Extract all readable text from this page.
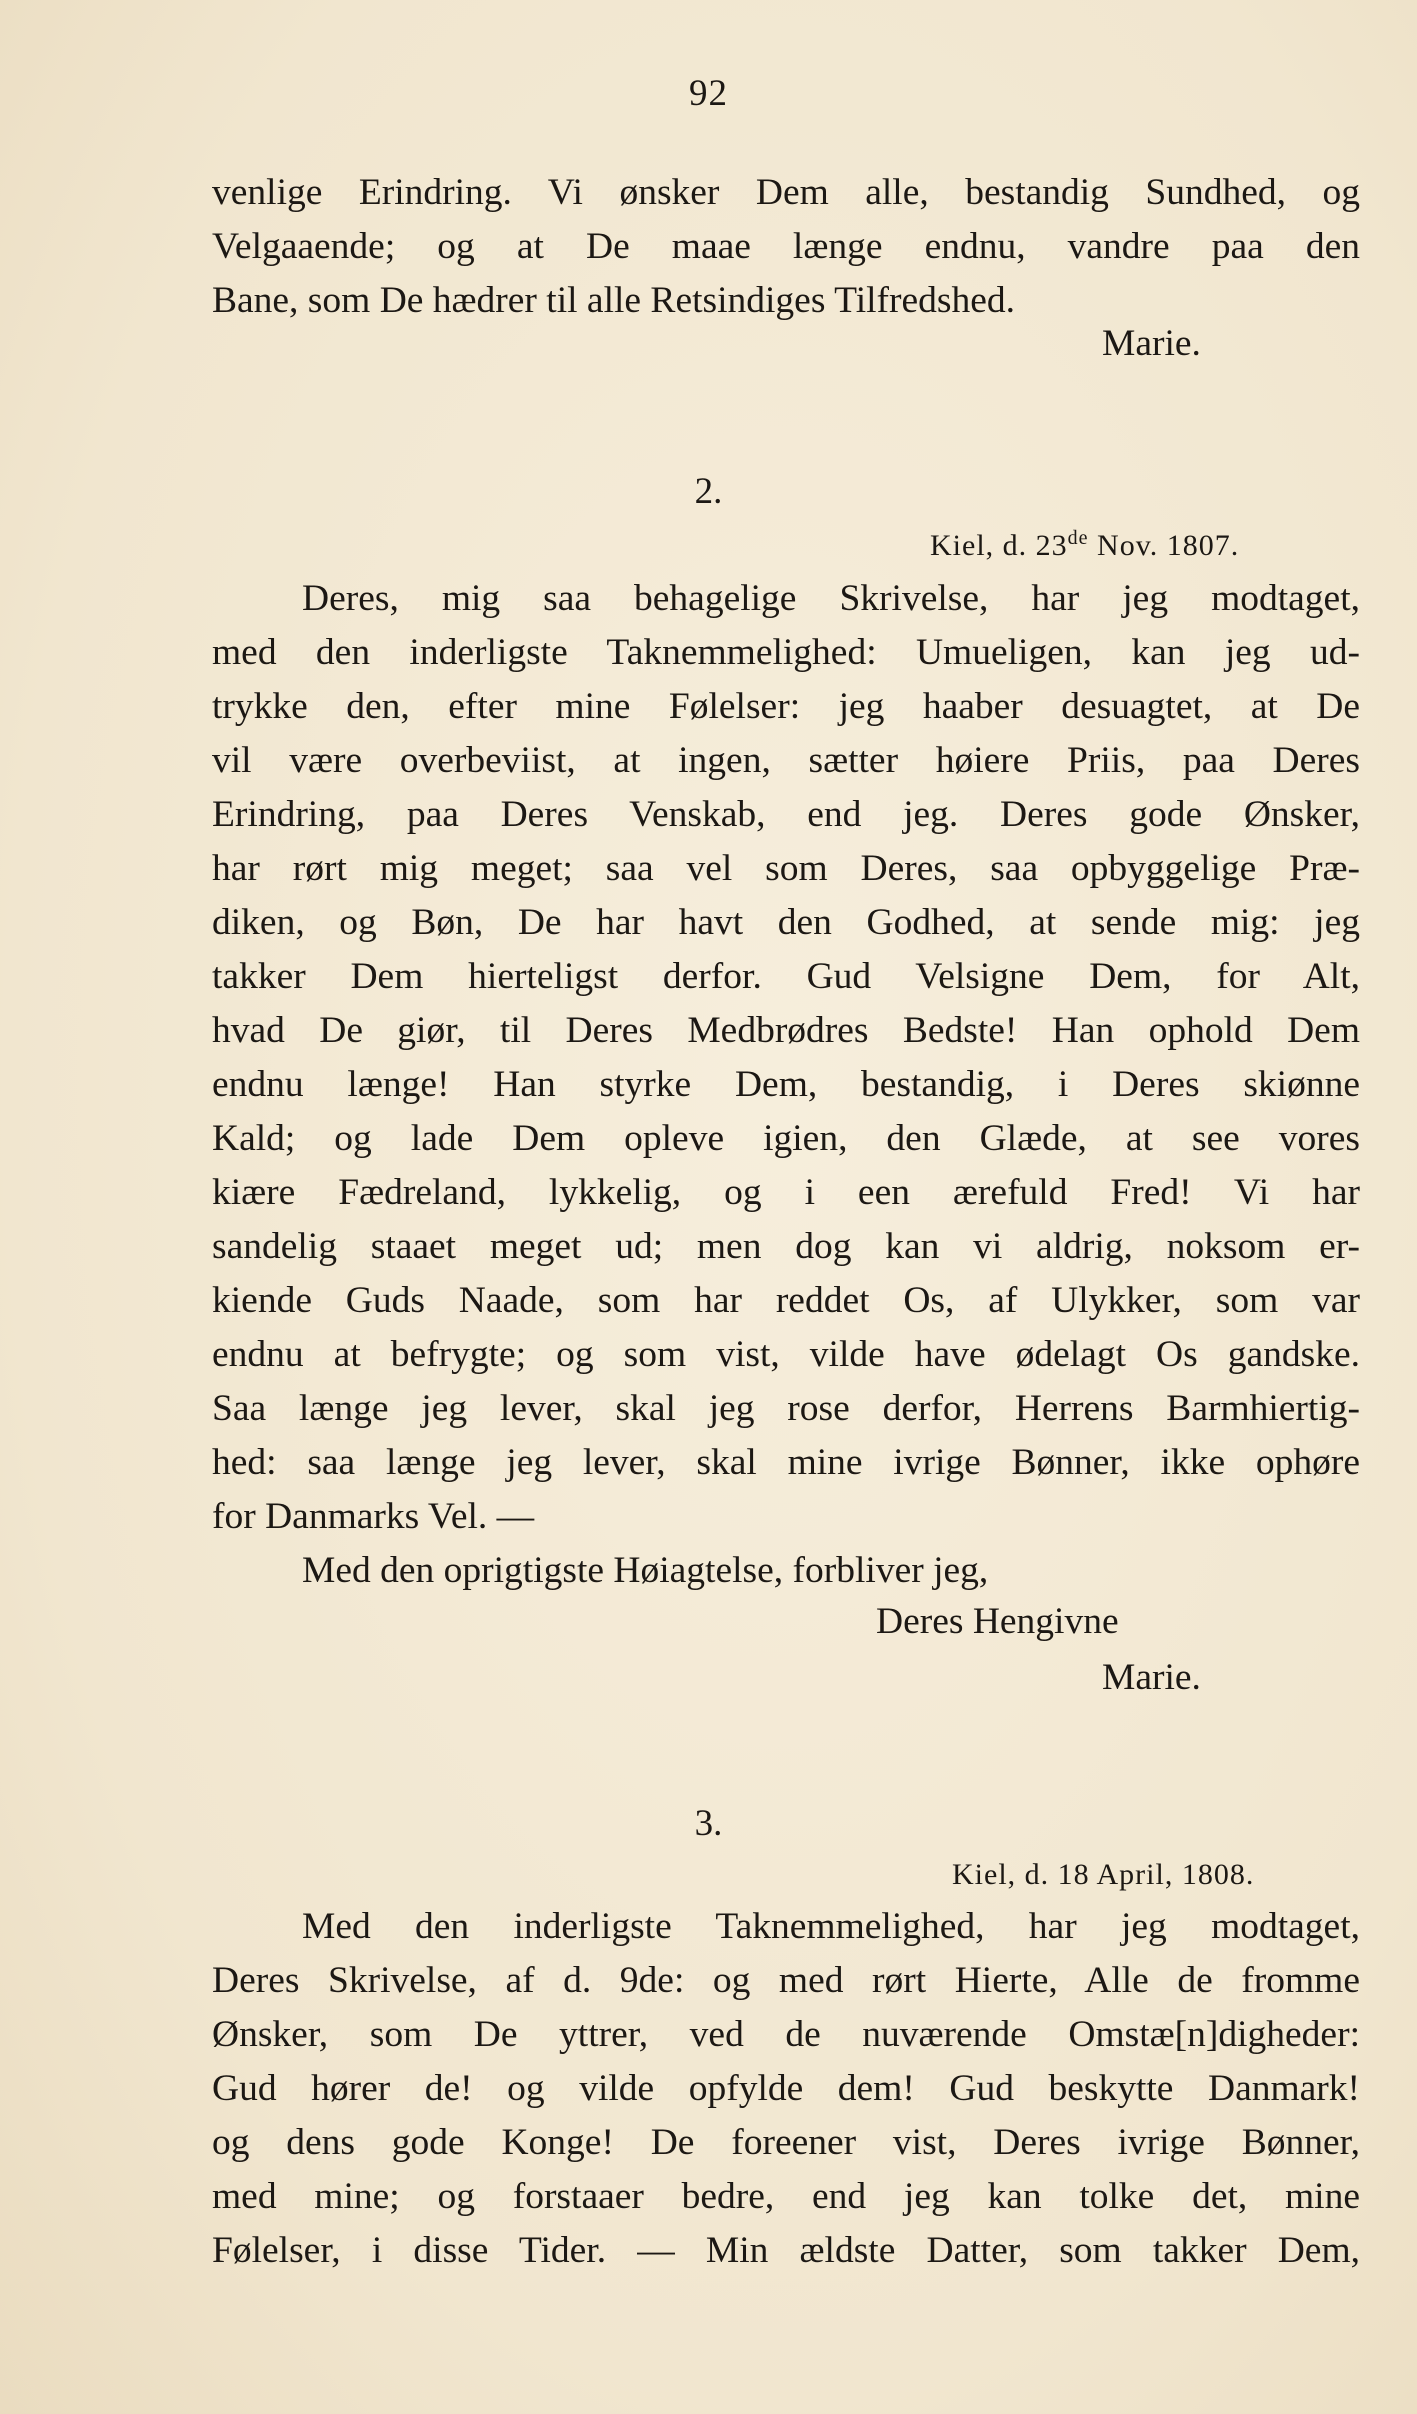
92
venlige Erindring. Vi ønsker Dem alle, bestandig Sundhed, og
Velgaaende; og at De maae længe endnu, vandre paa den
Bane, som De hædrer til alle Retsindiges Tilfredshed.
Marie.
2.
Kiel, d. 23de Nov. 1807.
Deres, mig saa behagelige Skrivelse, har jeg modtaget,
med den inderligste Taknemmelighed: Umueligen, kan jeg ud-
trykke den, efter mine Følelser: jeg haaber desuagtet, at De
vil være overbeviist, at ingen, sætter høiere Priis, paa Deres
Erindring, paa Deres Venskab, end jeg. Deres gode Ønsker,
har rørt mig meget; saa vel som Deres, saa opbyggelige Præ-
diken, og Bøn, De har havt den Godhed, at sende mig: jeg
takker Dem hierteligst derfor. Gud Velsigne Dem, for Alt,
hvad De giør, til Deres Medbrødres Bedste! Han ophold Dem
endnu længe! Han styrke Dem, bestandig, i Deres skiønne
Kald; og lade Dem opleve igien, den Glæde, at see vores
kiære Fædreland, lykkelig, og i een ærefuld Fred! Vi har
sandelig staaet meget ud; men dog kan vi aldrig, noksom er-
kiende Guds Naade, som har reddet Os, af Ulykker, som var
endnu at befrygte; og som vist, vilde have ødelagt Os gandske.
Saa længe jeg lever, skal jeg rose derfor, Herrens Barmhiertig-
hed: saa længe jeg lever, skal mine ivrige Bønner, ikke ophøre
for Danmarks Vel. —
Med den oprigtigste Høiagtelse, forbliver jeg,
Deres Hengivne
Marie.
3.
Kiel, d. 18 April, 1808.
Med den inderligste Taknemmelighed, har jeg modtaget,
Deres Skrivelse, af d. 9de: og med rørt Hierte, Alle de fromme
Ønsker, som De yttrer, ved de nuværende Omstæ[n]digheder:
Gud hører de! og vilde opfylde dem! Gud beskytte Danmark!
og dens gode Konge! De foreener vist, Deres ivrige Bønner,
med mine; og forstaaer bedre, end jeg kan tolke det, mine
Følelser, i disse Tider. — Min ældste Datter, som takker Dem,
